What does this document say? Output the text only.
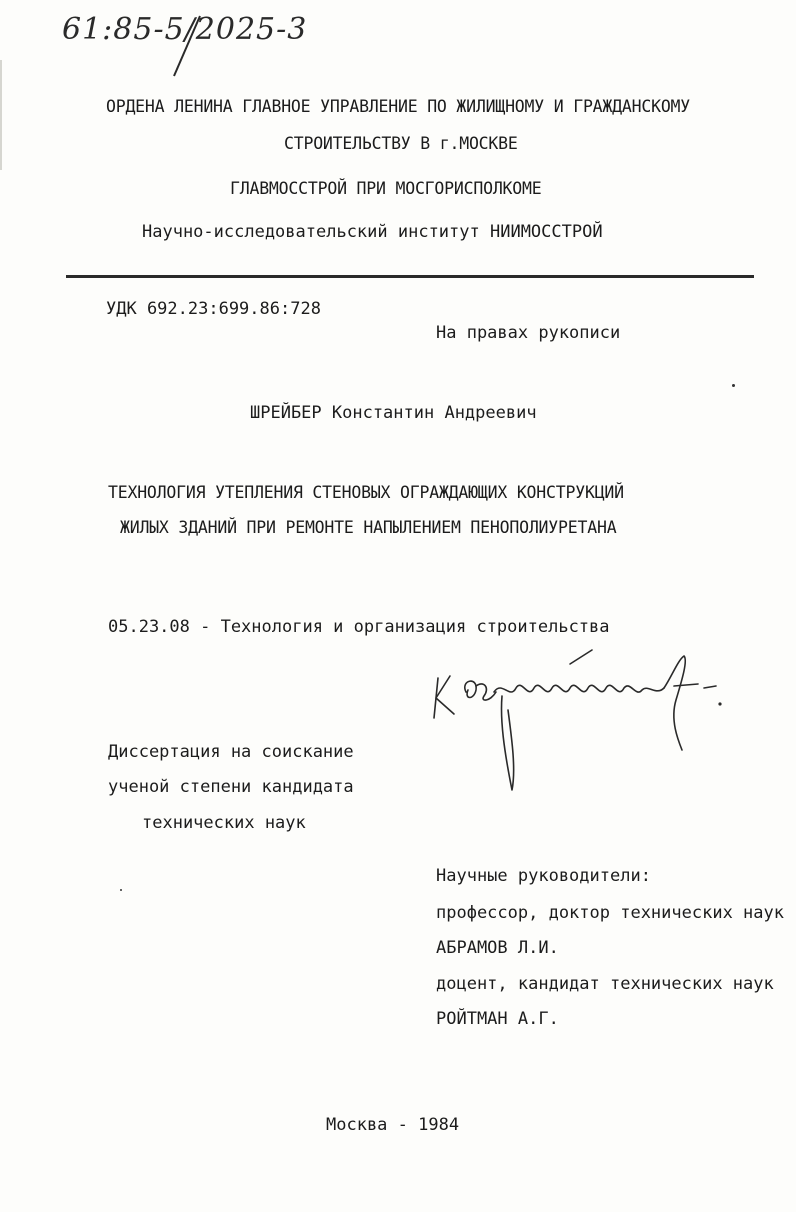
61:85-5/2025-3
ОРДЕНА ЛЕНИНА ГЛАВНОЕ УПРАВЛЕНИЕ ПО ЖИЛИЩНОМУ И ГРАЖДАНСКОМУ
СТРОИТЕЛЬСТВУ В г.МОСКВЕ
ГЛАВМОССТРОЙ ПРИ МОСГОРИСПОЛКОМЕ
Научно-исследовательский институт НИИМОССТРОЙ
УДК 692.23:699.86:728
На правах рукописи
ШРЕЙБЕР Константин Андреевич
ТЕХНОЛОГИЯ УТЕПЛЕНИЯ СТЕНОВЫХ ОГРАЖДАЮЩИХ КОНСТРУКЦИЙ
ЖИЛЫХ ЗДАНИЙ ПРИ РЕМОНТЕ НАПЫЛЕНИЕМ ПЕНОПОЛИУРЕТАНА
05.23.08 - Технология и организация строительства
Диссертация на соискание
ученой степени кандидата
технических наук
Научные руководители:
профессор, доктор технических наук
АБРАМОВ Л.И.
доцент, кандидат технических наук
РОЙТМАН А.Г.
Москва - 1984
